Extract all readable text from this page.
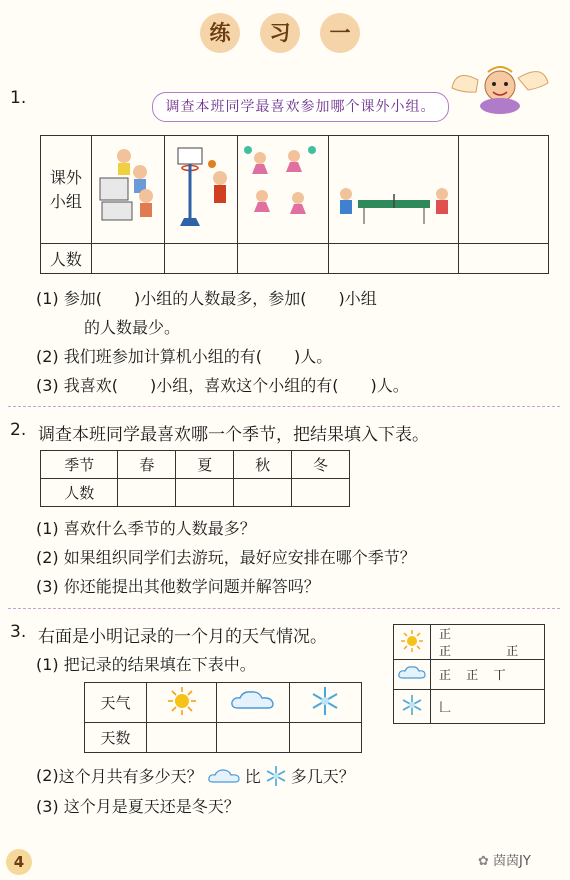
练	习	一
1.	调查本班同学最喜欢参加哪个课外小组。
课外
小组					
人数					
(1) 参加(　　)小组的人数最多，参加(　　)小组
的人数最少。
(2) 我们班参加计算机小组的有(　　)人。
(3) 我喜欢(　　)小组，喜欢这个小组的有(　　)人。
2. 调查本班同学最喜欢哪一个季节，把结果填入下表。
季节	春	夏	秋	冬
人数				
(1) 喜欢什么季节的人数最多？
(2) 如果组织同学们去游玩，最好应安排在哪个季节？
(3) 你还能提出其他数学问题并解答吗？
3. 右面是小明记录的一个月的天气情况。
(1) 把记录的结果填在下表中。
	正    正 正
	正 正 丅
	𠃊
天气			
天数			
(2) 这个月共有多少天？	比 多几天？
(3) 这个月是夏天还是冬天？
4	✿ 茵茵JY
